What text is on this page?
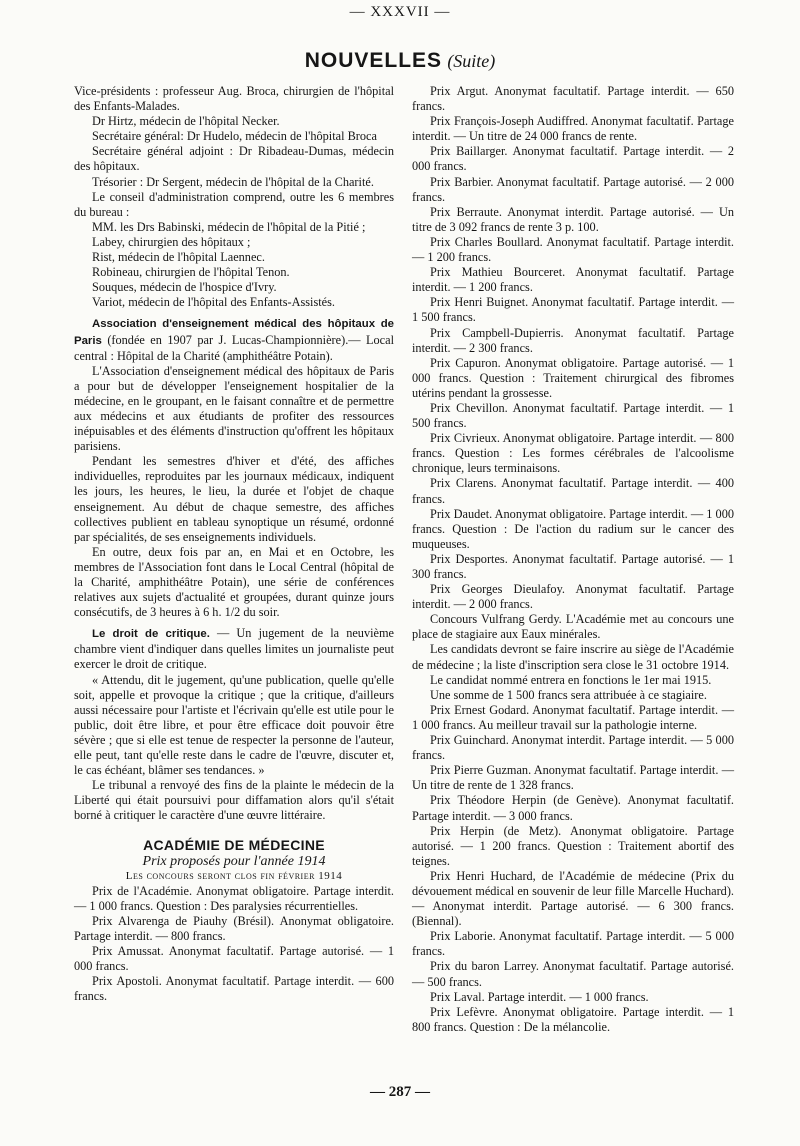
— XXXVII —
NOUVELLES (Suite)

Vice-présidents : professeur Aug. Broca, chirurgien de l'hôpital des Enfants-Malades.

Dr Hirtz, médecin de l'hôpital Necker.

Secrétaire général: Dr Hudelo, médecin de l'hôpital Broca

Secrétaire général adjoint : Dr Ribadeau-Dumas, médecin des hôpitaux.

Trésorier : Dr Sergent, médecin de l'hôpital de la Charité.

Le conseil d'administration comprend, outre les 6 membres du bureau :

MM. les Drs Babinski, médecin de l'hôpital de la Pitié ;

Labey, chirurgien des hôpitaux ;

Rist, médecin de l'hôpital Laennec.

Robineau, chirurgien de l'hôpital Tenon.

Souques, médecin de l'hospice d'Ivry.

Variot, médecin de l'hôpital des Enfants-Assistés.

Association d'enseignement médical des hôpitaux de Paris (fondée en 1907 par J. Lucas-Championnière).— Local central : Hôpital de la Charité (amphithéâtre Potain).

L'Association d'enseignement médical des hôpitaux de Paris a pour but de développer l'enseignement hospitalier de la médecine, en le groupant, en le faisant connaître et de permettre aux médecins et aux étudiants de profiter des ressources inépuisables et des éléments d'instruction qu'offrent les hôpitaux parisiens.

Pendant les semestres d'hiver et d'été, des affiches individuelles, reproduites par les journaux médicaux, indiquent les jours, les heures, le lieu, la durée et l'objet de chaque enseignement. Au début de chaque semestre, des affiches collectives publient en tableau synoptique un résumé, ordonné par spécialités, de ses enseignements individuels.

En outre, deux fois par an, en Mai et en Octobre, les membres de l'Association font dans le Local Central (hôpital de la Charité, amphithéâtre Potain), une série de conférences relatives aux sujets d'actualité et groupées, durant quinze jours consécutifs, de 3 heures à 6 h. 1/2 du soir.

Le droit de critique. — Un jugement de la neuvième chambre vient d'indiquer dans quelles limites un journaliste peut exercer le droit de critique.

« Attendu, dit le jugement, qu'une publication, quelle qu'elle soit, appelle et provoque la critique ; que la critique, d'ailleurs aussi nécessaire pour l'artiste et l'écrivain qu'elle est utile pour le public, doit être libre, et pour être efficace doit pouvoir être sévère ; que si elle est tenue de respecter la personne de l'auteur, elle peut, tant qu'elle reste dans le cadre de l'œuvre, discuter et, le cas échéant, blâmer ses tendances. »

Le tribunal a renvoyé des fins de la plainte le médecin de la Liberté qui était poursuivi pour diffamation alors qu'il s'était borné à critiquer le caractère d'une œuvre littéraire.

ACADÉMIE DE MÉDECINE

Prix proposés pour l'année 1914

Les concours seront clos fin février 1914

Prix de l'Académie. Anonymat obligatoire. Partage interdit. — 1 000 francs. Question : Des paralysies récurrentielles.

Prix Alvarenga de Piauhy (Brésil). Anonymat obligatoire. Partage interdit. — 800 francs.

Prix Amussat. Anonymat facultatif. Partage autorisé. — 1 000 francs.

Prix Apostoli. Anonymat facultatif. Partage interdit. — 600 francs.

Prix Argut. Anonymat facultatif. Partage interdit. — 650 francs.

Prix François-Joseph Audiffred. Anonymat facultatif. Partage interdit. — Un titre de 24 000 francs de rente.

Prix Baillarger. Anonymat facultatif. Partage interdit. — 2 000 francs.

Prix Barbier. Anonymat facultatif. Partage autorisé. — 2 000 francs.

Prix Berraute. Anonymat interdit. Partage autorisé. — Un titre de 3 092 francs de rente 3 p. 100.

Prix Charles Boullard. Anonymat facultatif. Partage interdit. — 1 200 francs.

Prix Mathieu Bourceret. Anonymat facultatif. Partage interdit. — 1 200 francs.

Prix Henri Buignet. Anonymat facultatif. Partage interdit. — 1 500 francs.

Prix Campbell-Dupierris. Anonymat facultatif. Partage interdit. — 2 300 francs.

Prix Capuron. Anonymat obligatoire. Partage autorisé. — 1 000 francs. Question : Traitement chirurgical des fibromes utérins pendant la grossesse.

Prix Chevillon. Anonymat facultatif. Partage interdit. — 1 500 francs.

Prix Civrieux. Anonymat obligatoire. Partage interdit. — 800 francs. Question : Les formes cérébrales de l'alcoolisme chronique, leurs terminaisons.

Prix Clarens. Anonymat facultatif. Partage interdit. — 400 francs.

Prix Daudet. Anonymat obligatoire. Partage interdit. — 1 000 francs. Question : De l'action du radium sur le cancer des muqueuses.

Prix Desportes. Anonymat facultatif. Partage autorisé. — 1 300 francs.

Prix Georges Dieulafoy. Anonymat facultatif. Partage interdit. — 2 000 francs.

Concours Vulfrang Gerdy. L'Académie met au concours une place de stagiaire aux Eaux minérales.

Les candidats devront se faire inscrire au siège de l'Académie de médecine ; la liste d'inscription sera close le 31 octobre 1914.

Le candidat nommé entrera en fonctions le 1er mai 1915.

Une somme de 1 500 francs sera attribuée à ce stagiaire.

Prix Ernest Godard. Anonymat facultatif. Partage interdit. — 1 000 francs. Au meilleur travail sur la pathologie interne.

Prix Guinchard. Anonymat interdit. Partage interdit. — 5 000 francs.

Prix Pierre Guzman. Anonymat facultatif. Partage interdit. — Un titre de rente de 1 328 francs.

Prix Théodore Herpin (de Genève). Anonymat facultatif. Partage interdit. — 3 000 francs.

Prix Herpin (de Metz). Anonymat obligatoire. Partage autorisé. — 1 200 francs. Question : Traitement abortif des teignes.

Prix Henri Huchard, de l'Académie de médecine (Prix du dévouement médical en souvenir de leur fille Marcelle Huchard). — Anonymat interdit. Partage autorisé. — 6 300 francs. (Biennal).

Prix Laborie. Anonymat facultatif. Partage interdit. — 5 000 francs.

Prix du baron Larrey. Anonymat facultatif. Partage autorisé. — 500 francs.

Prix Laval. Partage interdit. — 1 000 francs.

Prix Lefèvre. Anonymat obligatoire. Partage interdit. — 1 800 francs. Question : De la mélancolie.

— 287 —
